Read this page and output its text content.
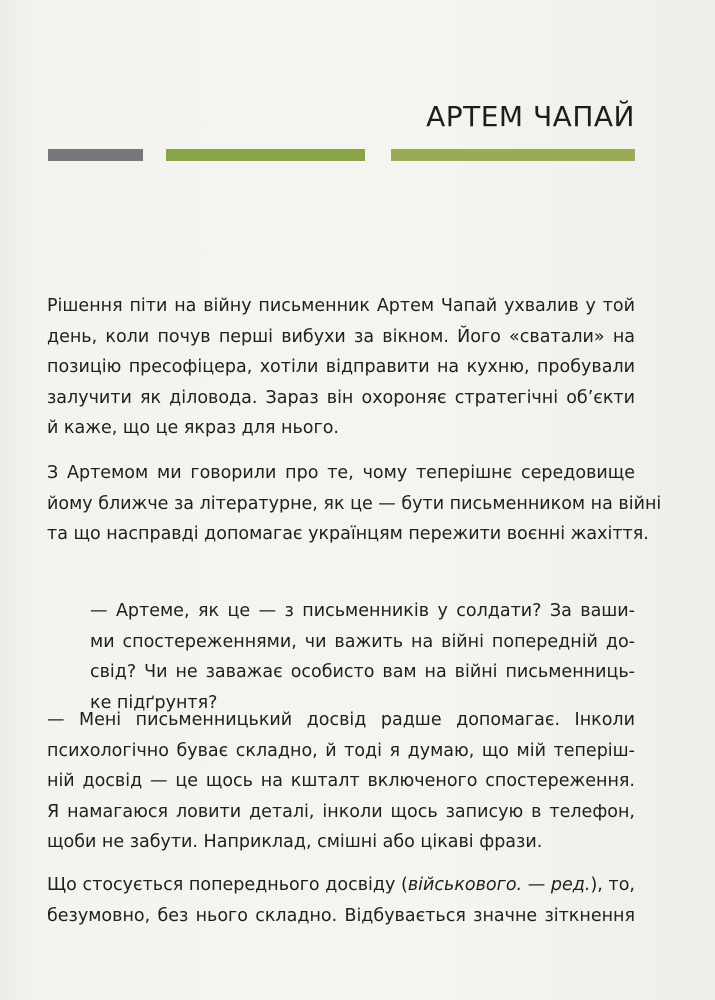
АРТЕМ ЧАПАЙ
Рішення піти на війну письменник Артем Чапай ухвалив у той
день, коли почув перші вибухи за вікном. Його «сватали» на
позицію пресофіцера, хотіли відправити на кухню, пробували
залучити як діловода. Зараз він охороняє стратегічні об’єкти
й каже, що це якраз для нього.
З Артемом ми говорили про те, чому теперішнє середовище
йому ближче за літературне, як це — бути письменником на війні
та що насправді допомагає українцям пережити воєнні жахіття.
— Артеме, як це — з письменників у солдати? За ваши-
ми спостереженнями, чи важить на війні попередній до-
свід? Чи не заважає особисто вам на війні письменниць-
ке підґрунтя?
— Мені письменницький досвід радше допомагає. Інколи
психологічно буває складно, й тоді я думаю, що мій теперіш-
ній досвід — це щось на кшталт включеного спостереження.
Я намагаюся ловити деталі, інколи щось записую в телефон,
щоби не забути. Наприклад, смішні або цікаві фрази.
Що стосується попереднього досвіду (військового. — ред.), то,
безумовно, без нього складно. Відбувається значне зіткнення
